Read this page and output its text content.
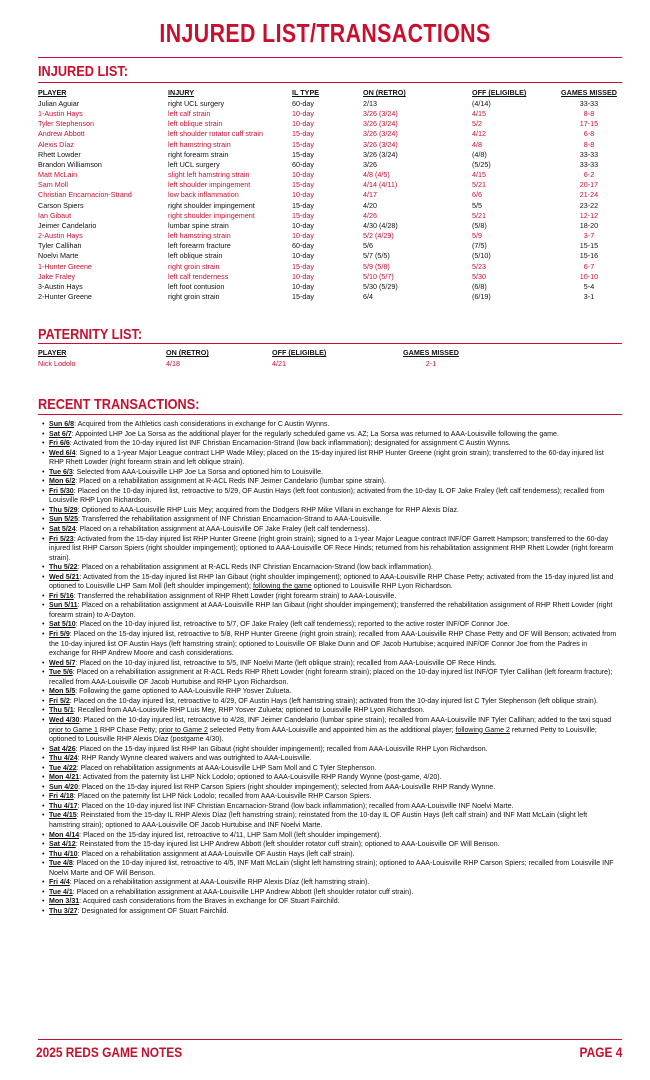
INJURED LIST/TRANSACTIONS
INJURED LIST:
PLAYER	INJURY	IL TYPE	ON (RETRO)	OFF (ELIGIBLE)	GAMES MISSED
Julian Aguiar	right UCL surgery	60-day	2/13	(4/14)	33-33
1-Austin Hays	left calf strain	10-day	3/26 (3/24)	4/15	8-8
Tyler Stephenson	left oblique strain	10-day	3/26 (3/24)	5/2	17-15
Andrew Abbott	left shoulder rotator cuff strain	15-day	3/26 (3/24)	4/12	6-8
Alexis Díaz	left hamstring strain	15-day	3/26 (3/24)	4/8	8-8
Rhett Lowder	right forearm strain	15-day	3/26 (3/24)	(4/8)	33-33
Brandon Williamson	left UCL surgery	60-day	3/26	(5/25)	33-33
Matt McLain	slight left hamstring strain	10-day	4/8 (4/5)	4/15	6-2
Sam Moll	left shoulder impingement	15-day	4/14 (4/11)	5/21	20-17
Christian Encarnacion-Strand	low back inflammation	10-day	4/17	6/6	21-24
Carson Spiers	right shoulder impingement	15-day	4/20	5/5	23-22
Ian Gibaut	right shoulder impingement	15-day	4/26	5/21	12-12
Jeimer Candelario	lumbar spine strain	10-day	4/30 (4/28)	(5/8)	18-20
2-Austin Hays	left hamstring strain	10-day	5/2 (4/29)	5/9	3-7
Tyler Callihan	left forearm fracture	60-day	5/6	(7/5)	15-15
Noelvi Marte	left oblique strain	10-day	5/7 (5/5)	(5/10)	15-16
1-Hunter Greene	right groin strain	15-day	5/9 (5/8)	5/23	6-7
Jake Fraley	left calf tenderness	10-day	5/10 (5/7)	5/30	10-10
3-Austin Hays	left foot contusion	10-day	5/30 (5/29)	(6/8)	5-4
2-Hunter Greene	right groin strain	15-day	6/4	(6/19)	3-1
PATERNITY LIST:
PLAYER	ON (RETRO)	OFF (ELIGIBLE)	GAMES MISSED
Nick Lodolo	4/18	4/21	2-1
RECENT TRANSACTIONS:
• Sun 6/8: Acquired from the Athletics cash considerations in exchange for C Austin Wynns.
• Sat 6/7: Appointed LHP Joe La Sorsa as the additional player for the regularly scheduled game vs. AZ; La Sorsa was returned to AAA-Louisville following the game.
• Fri 6/6: Activated from the 10-day injured list INF Christian Encarnacion-Strand (low back inflammation); designated for assignment C Austin Wynns.
• Wed 6/4: Signed to a 1-year Major League contract LHP Wade Miley; placed on the 15-day injured list RHP Hunter Greene (right groin strain); transferred to the 60-day injured list RHP Rhett Lowder (right forearm strain and left oblique strain).
• Tue 6/3: Selected from AAA-Louisville LHP Joe La Sorsa and optioned him to Louisville.
• Mon 6/2: Placed on a rehabilitation assignment at R-ACL Reds INF Jeimer Candelario (lumbar spine strain).
• Fri 5/30: Placed on the 10-day injured list, retroactive to 5/29, OF Austin Hays (left foot contusion); activated from the 10-day IL OF Jake Fraley (left calf tenderness); recalled from Louisville RHP Lyon Richardson.
• Thu 5/29: Optioned to AAA-Louisville RHP Luis Mey; acquired from the Dodgers RHP Mike Villani in exchange for RHP Alexis Díaz.
• Sun 5/25: Transferred the rehabilitation assignment of INF Christian Encarnacion-Strand to AAA-Louisville.
• Sat 5/24: Placed on a rehabilitation assignment at AAA-Louisville OF Jake Fraley (left calf tenderness).
• Fri 5/23: Activated from the 15-day injured list RHP Hunter Greene (right groin strain); signed to a 1-year Major League contract INF/OF Garrett Hampson; transferred to the 60-day injured list RHP Carson Spiers (right shoulder impingement); optioned to AAA-Louisville OF Rece Hinds; returned from his rehabilitation assignment RHP Rhett Lowder (right forearm strain).
• Thu 5/22: Placed on a rehabilitation assignment at R-ACL Reds INF Christian Encarnacion-Strand (low back inflammation).
• Wed 5/21: Activated from the 15-day injured list RHP Ian Gibaut (right shoulder impingement); optioned to AAA-Louisville RHP Chase Petty; activated from the 15-day injured list and optioned to Louisville LHP Sam Moll (left shoulder impingement); following the game optioned to Louisville RHP Lyon Richardson.
• Fri 5/16: Transferred the rehabilitation assignment of RHP Rhett Lowder (right forearm strain) to AAA-Louisville.
• Sun 5/11: Placed on a rehabilitation assignment at AAA-Louisville RHP Ian Gibaut (right shoulder impingement); transferred the rehabilitation assignment of RHP Rhett Lowder (right forearm strain) to A-Dayton.
• Sat 5/10: Placed on the 10-day injured list, retroactive to 5/7, OF Jake Fraley (left calf tenderness); reported to the active roster INF/OF Connor Joe.
• Fri 5/9: Placed on the 15-day injured list, retroactive to 5/8, RHP Hunter Greene (right groin strain); recalled from AAA-Louisville RHP Chase Petty and OF Will Benson; activated from the 10-day injured list OF Austin Hays (left hamstring strain); optioned to Louisville OF Blake Dunn and OF Jacob Hurtubise; acquired INF/OF Connor Joe from the Padres in exchange for RHP Andrew Moore and cash considerations.
• Wed 5/7: Placed on the 10-day injured list, retroactive to 5/5, INF Noelvi Marte (left oblique strain); recalled from AAA-Louisville OF Rece Hinds.
• Tue 5/6: Placed on a rehabilitation assignment at R-ACL Reds RHP Rhett Lowder (right forearm strain); placed on the 10-day injured list INF/OF Tyler Callihan (left forearm fracture); recalled from AAA-Louisville OF Jacob Hurtubise and RHP Lyon Richardson.
• Mon 5/5: Following the game optioned to AAA-Louisville RHP Yosver Zulueta.
• Fri 5/2: Placed on the 10-day injured list, retroactive to 4/29, OF Austin Hays (left hamstring strain); activated from the 10-day injured list C Tyler Stephenson (left oblique strain).
• Thu 5/1: Recalled from AAA-Louisville RHP Luis Mey, RHP Yosver Zulueta; optioned to Louisville RHP Lyon Richardson.
• Wed 4/30: Placed on the 10-day injured list, retroactive to 4/28, INF Jeimer Candelario (lumbar spine strain); recalled from AAA-Louisville INF Tyler Callihan; added to the taxi squad prior to Game 1 RHP Chase Petty; prior to Game 2 selected Petty from AAA-Louisville and appointed him as the additional player; following Game 2 returned Petty to Louisville; optioned to Louisville RHP Alexis Díaz (postgame 4/30).
• Sat 4/26: Placed on the 15-day injured list RHP Ian Gibaut (right shoulder impingement); recalled from AAA-Louisville RHP Lyon Richardson.
• Thu 4/24: RHP Randy Wynne cleared waivers and was outrighted to AAA-Louisville.
• Tue 4/22: Placed on rehabilitation assignments at AAA-Louisville LHP Sam Moll and C Tyler Stephenson.
• Mon 4/21: Activated from the paternity list LHP Nick Lodolo; optioned to AAA-Louisville RHP Randy Wynne (post-game, 4/20).
• Sun 4/20: Placed on the 15-day injured list RHP Carson Spiers (right shoulder impingement); selected from AAA-Louisville RHP Randy Wynne.
• Fri 4/18: Placed on the paternity list LHP Nick Lodolo; recalled from AAA-Louisville RHP Carson Spiers.
• Thu 4/17: Placed on the 10-day injured list INF Christian Encarnacion-Strand (low back inflammation); recalled from AAA-Louisville INF Noelvi Marte.
• Tue 4/15: Reinstated from the 15-day IL RHP Alexis Díaz (left hamstring strain); reinstated from the 10-day IL OF Austin Hays (left calf strain) and INF Matt McLain (slight left hamstring strain); optioned to AAA-Louisville OF Jacob Hurtubise and INF Noelvi Marte.
• Mon 4/14: Placed on the 15-day injured list, retroactive to 4/11, LHP Sam Moll (left shoulder impingement).
• Sat 4/12: Reinstated from the 15-day injured list LHP Andrew Abbott (left shoulder rotator cuff strain); optioned to AAA-Louisville OF Will Benson.
• Thu 4/10: Placed on a rehabilitation assignment at AAA-Louisville OF Austin Hays (left calf strain).
• Tue 4/8: Placed on the 10-day injured list, retroactive to 4/5, INF Matt McLain (slight left hamstring strain); optioned to AAA-Louisville RHP Carson Spiers; recalled from Louisville INF Noelvi Marte and OF Will Benson.
• Fri 4/4: Placed on a rehabilitation assignment at AAA-Louisville RHP Alexis Díaz (left hamstring strain).
• Tue 4/1: Placed on a rehabilitation assignment at AAA-Louisville LHP Andrew Abbott (left shoulder rotator cuff strain).
• Mon 3/31: Acquired cash considerations from the Braves in exchange for OF Stuart Fairchild.
• Thu 3/27: Designated for assignment OF Stuart Fairchild.
2025 REDS GAME NOTES	PAGE 4
